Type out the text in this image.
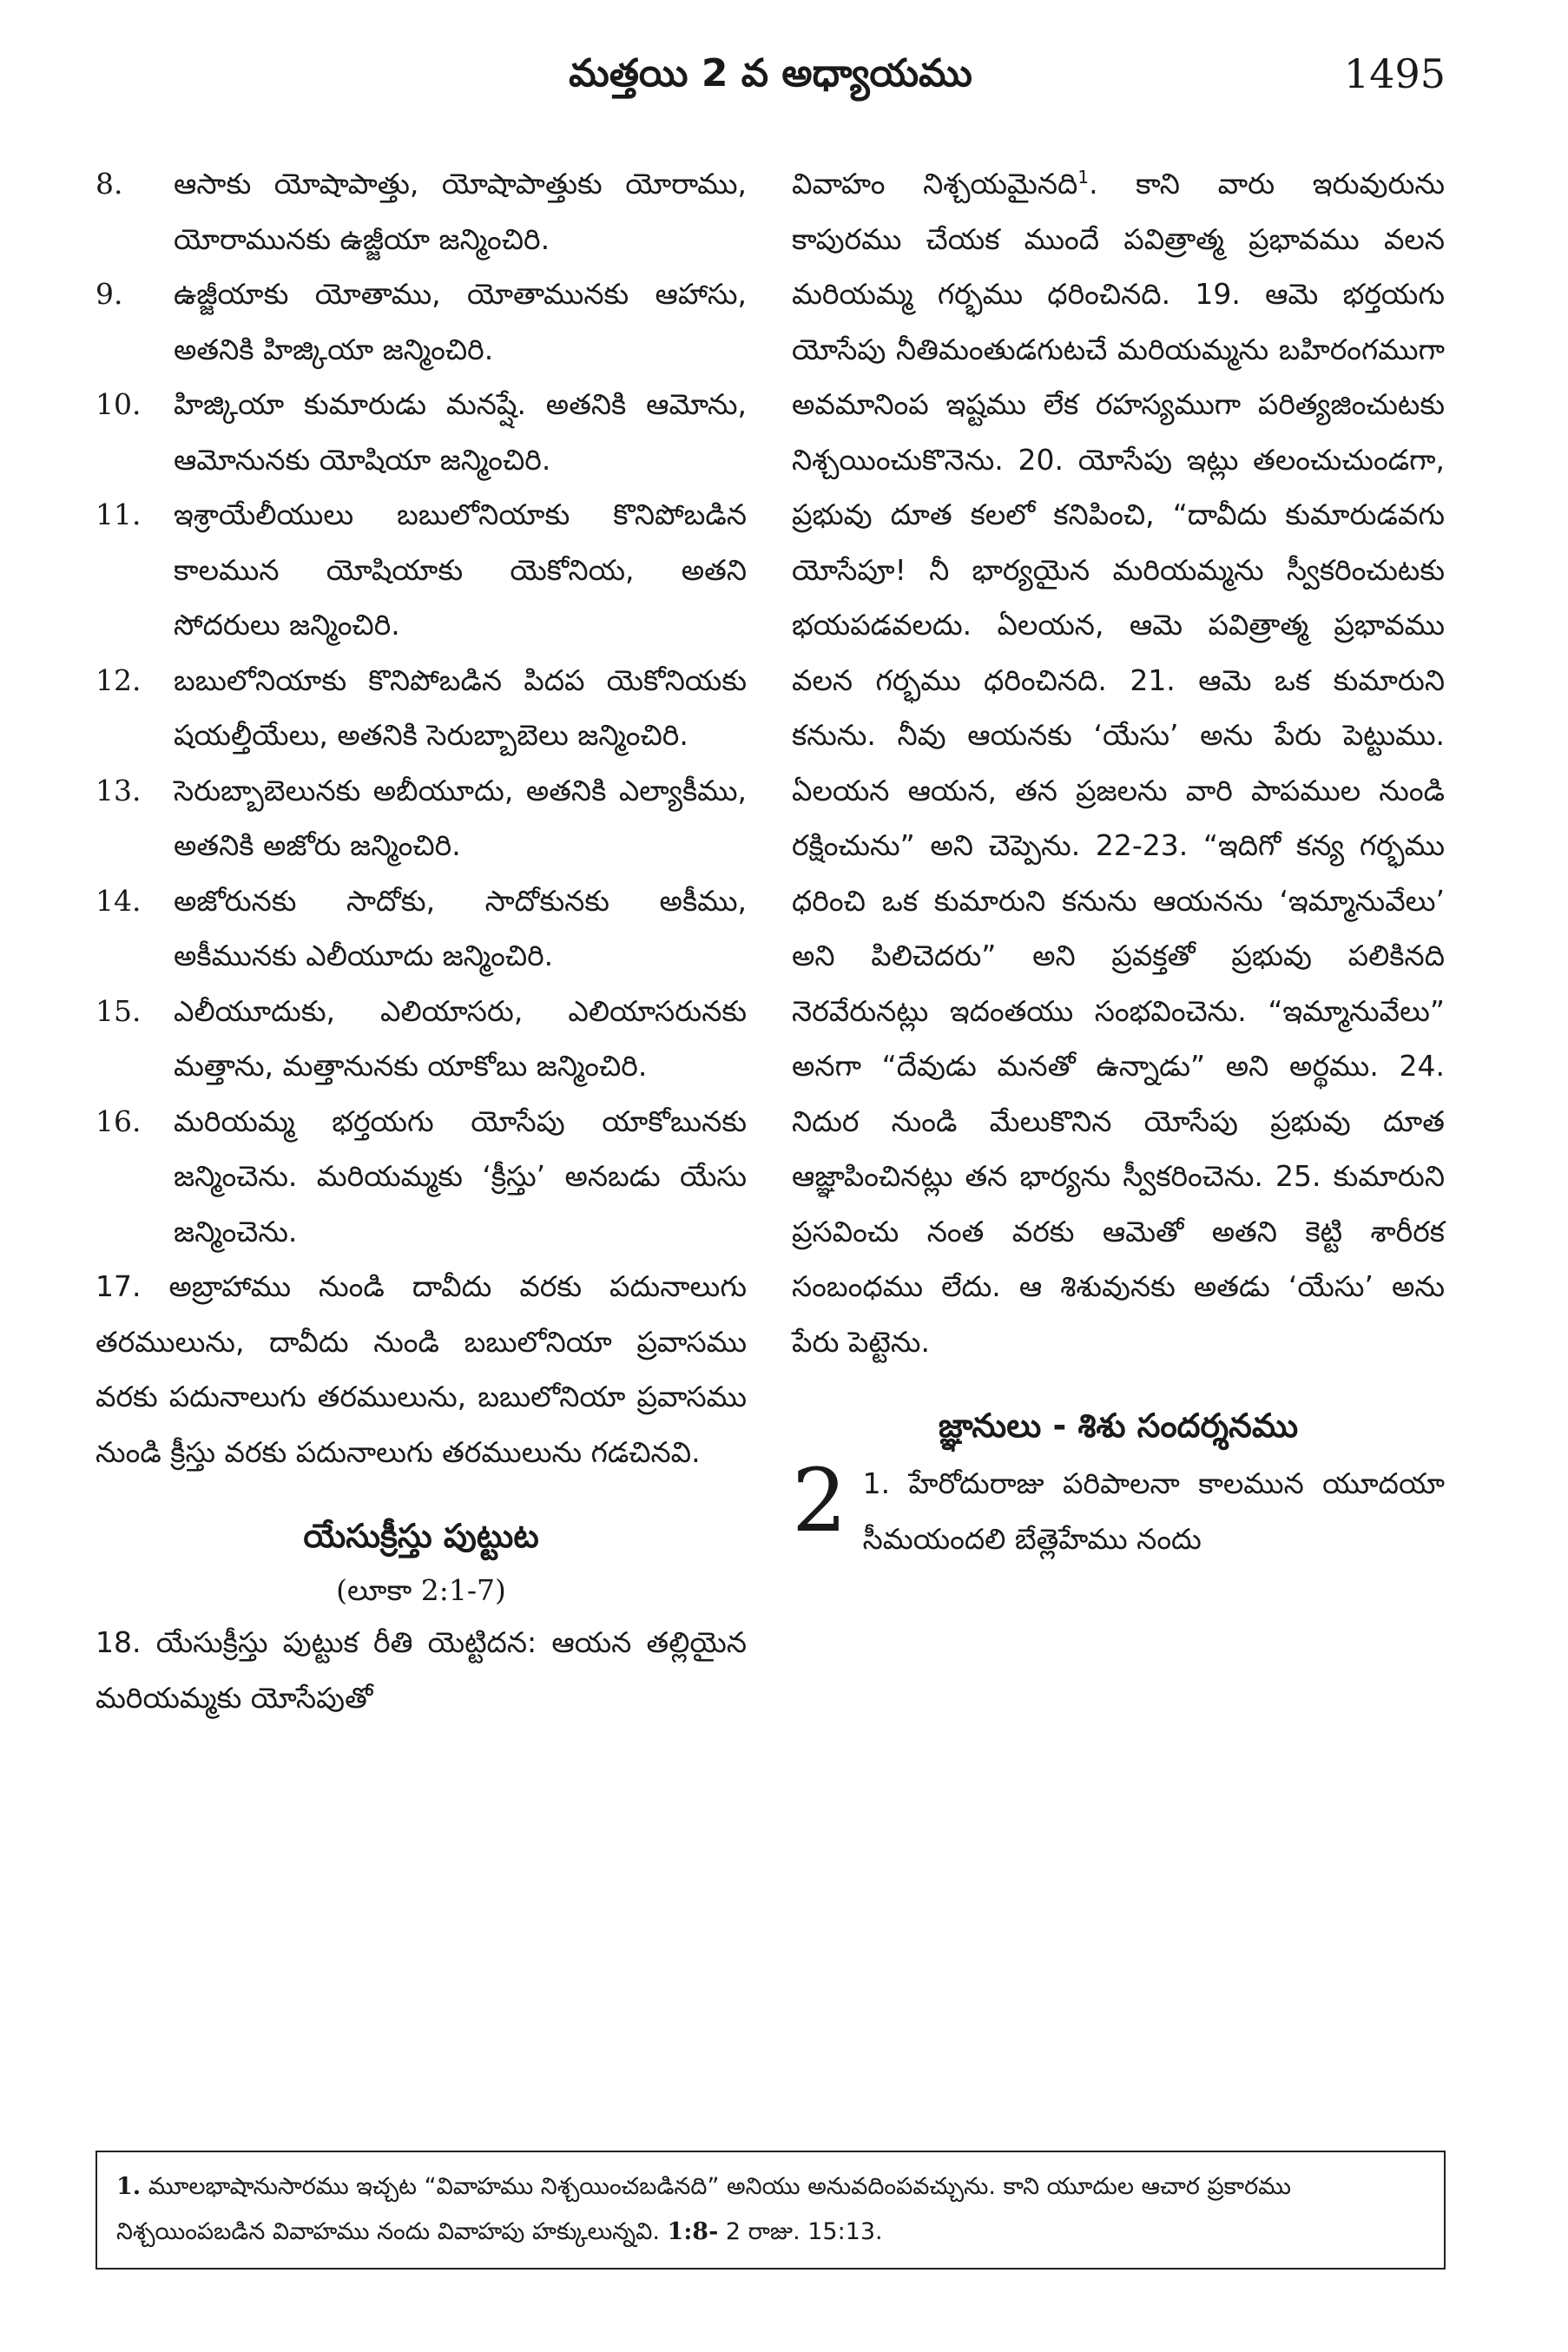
మత్తయి 2 వ అధ్యాయము	1495
8. ఆసాకు యోషాపాత్తు, యోషాపాత్తుకు యోరాము, యోరామునకు ఉజ్జీయా జన్మించిరి.
9. ఉజ్జీయాకు యోతాము, యోతామునకు ఆహాసు, అతనికి హిజ్కియా జన్మించిరి.
10. హిజ్కియా కుమారుడు మనష్షే. అతనికి ఆమోను, ఆమోనునకు యోషియా జన్మించిరి.
11. ఇశ్రాయేలీయులు బబులోనియాకు కొనిపోబడిన కాలమున యోషియాకు యెకోనియ, అతని సోదరులు జన్మించిరి.
12. బబులోనియాకు కొనిపోబడిన పిదప యెకోనియకు షయల్తీయేలు, అతనికి సెరుబ్బాబెలు జన్మించిరి.
13. సెరుబ్బాబెలునకు అబీయూదు, అతనికి ఎల్యాకీము, అతనికి అజోరు జన్మించిరి.
14. అజోరునకు సాదోకు, సాదోకునకు అకీము, అకీమునకు ఎలీయూదు జన్మించిరి.
15. ఎలీయూదుకు, ఎలియాసరు, ఎలియాసరునకు మత్తాను, మత్తానునకు యాకోబు జన్మించిరి.
16. మరియమ్మ భర్తయగు యోసేపు యాకోబునకు జన్మించెను. మరియమ్మకు ‘క్రీస్తు’ అనబడు యేసు జన్మించెను.
17. అబ్రాహాము నుండి దావీదు వరకు పదునాలుగు తరములును, దావీదు నుండి బబులోనియా ప్రవాసము వరకు పదునాలుగు తరములును, బబులోనియా ప్రవాసము నుండి క్రీస్తు వరకు పదునాలుగు తరములును గడచినవి.
యేసుక్రీస్తు పుట్టుట
(లూకా 2:1-7)
18. యేసుక్రీస్తు పుట్టుక రీతి యెట్టిదన: ఆయన తల్లియైన మరియమ్మకు యోసేపుతో
వివాహం నిశ్చయమైనది$^1$. కాని వారు ఇరువురును కాపురము చేయక ముందే పవిత్రాత్మ ప్రభావము వలన మరియమ్మ గర్భము ధరించినది. 19. ఆమె భర్తయగు యోసేపు నీతిమంతుడగుటచే మరియమ్మను బహిరంగముగా అవమానింప ఇష్టము లేక రహస్యముగా పరిత్యజించుటకు నిశ్చయించుకొనెను. 20. యోసేపు ఇట్లు తలంచుచుండగా, ప్రభువు దూత కలలో కనిపించి, “దావీదు కుమారుడవగు యోసేపూ! నీ భార్యయైన మరియమ్మను స్వీకరించుటకు భయపడవలదు. ఏలయన, ఆమె పవిత్రాత్మ ప్రభావము వలన గర్భము ధరించినది. 21. ఆమె ఒక కుమారుని కనును. నీవు ఆయనకు ‘యేసు’ అను పేరు పెట్టుము. ఏలయన ఆయన, తన ప్రజలను వారి పాపముల నుండి రక్షించును” అని చెప్పెను. 22-23. “ఇదిగో కన్య గర్భము ధరించి ఒక కుమారుని కనును ఆయనను ‘ఇమ్మానువేలు’ అని పిలిచెదరు” అని ప్రవక్తతో ప్రభువు పలికినది నెరవేరునట్లు ఇదంతయు సంభవించెను. “ఇమ్మానువేలు” అనగా “దేవుడు మనతో ఉన్నాడు” అని అర్థము. 24. నిదుర నుండి మేలుకొనిన యోసేపు ప్రభువు దూత ఆజ్ఞాపించినట్లు తన భార్యను స్వీకరించెను. 25. కుమారుని ప్రసవించు నంత వరకు ఆమెతో అతని కెట్టి శారీరక సంబంధము లేదు. ఆ శిశువునకు అతడు ‘యేసు’ అను పేరు పెట్టెను.
జ్ఞానులు - శిశు సందర్శనము
2 1. హేరోదురాజు పరిపాలనా కాలమున యూదయా సీమయందలి బేత్లెహేము నందు
1. మూలభాషానుసారము ఇచ్చట “వివాహము నిశ్చయించబడినది” అనియు అనువదింపవచ్చును. కాని యూదుల ఆచార ప్రకారము నిశ్చయింపబడిన వివాహము నందు వివాహపు హక్కులున్నవి. 1:8- 2 రాజు. 15:13.
